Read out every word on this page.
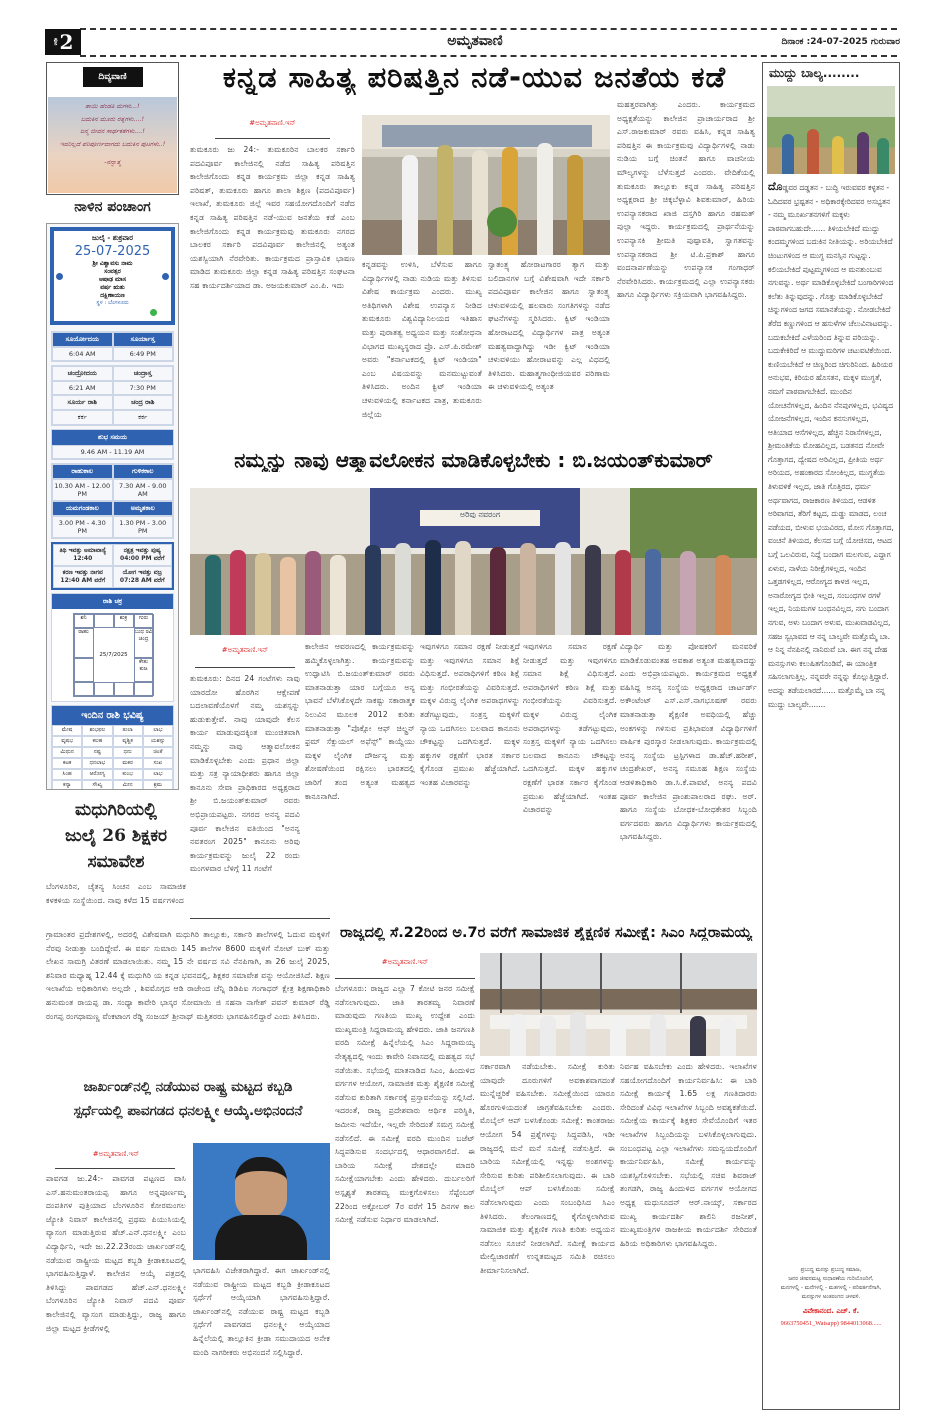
ಪುಟ 2	ಅಮೃತವಾಣಿ	ದಿನಾಂಕ :24-07-2025 ಗುರುವಾರ
ದಿವ್ಯವಾಣಿ
ತಾಯಿ ಹೆಂಡತಿ ಮಗಳು...!
ಬದುಕಿನ ಮೂರು ರತ್ನಗಳು....!
ಜನ್ಮ ಜೀವನ ಸಾರ್ಥಕತೆಗಳು....!
ಇವರಿಲ್ಲದೆ ಪರಿಪೂರ್ಣವಾಗದು ಬದುಕಿನ ಪುಟಗಳು..!
-ನನ್ನಾತ್ಮ
ನಾಳಿನ ಪಂಚಾಂಗ
ಜುಲೈ - ಶುಕ್ರವಾರ
25-07-2025
ಶ್ರೀ ವಿಶ್ವಾವಸು ನಾಮ
ಸಂವತ್ಸರ
ಆಷಾಢ ಮಾಸ
ವರ್ಷ ಋತು
ದಕ್ಷಿಣಾಯಣ
ಸ್ಥಳ : ಬೆಂಗಳೂರು
ಸೂರ್ಯೋದಯ	ಸೂರ್ಯಾಸ್ತ
6:04 AM	6:49 PM
ಚಂದ್ರೋದಯ	ಚಂದ್ರಾಸ್ತ
6:21 AM	7:30 PM
ಸೂರ್ಯ ರಾಶಿ	ಚಂದ್ರ ರಾಶಿ
ಕರ್ಕ	ಕರ್ಕ
ಶುಭ ಸಮಯ
9.46 AM - 11.19 AM
ರಾಹುಕಾಲ	ಗುಳಿಕಕಾಲ
10.30 AM - 12.00 PM
7.30 AM - 9.00 AM
ಯಮಗಂಡಕಾಲ	ಅಮೃತಕಾಲ
3.00 PM - 4.30 PM
1.30 PM - 3.00 PM
ತಿಥಿ ಇವತ್ತು ಅಮಾವಾಸ್ಯೆ 12:40
ನಕ್ಷತ್ರ ಇವತ್ತು ಪುಷ್ಯ 04:00 PM ವರೆಗೆ
ಕರಣ ಇವತ್ತು ನಾಗವ 12:40 AM ವರೆಗೆ
ಯೋಗ ಇವತ್ತು ವಜ್ರ 07:28 AM ವರೆಗೆ
ರಾಶಿ ಚಕ್ರ
ಶನಿ	ಶುಕ್ರ	ಗುರು
ರಾಹು
25/7/2025
ಬುಧ ರವಿ ಚಂದ್ರ
ಕೇತು ಕುಜ
ಇಂದಿನ ರಾಶಿ ಭವಿಷ್ಯ
ಮೇಷ	ಶುಭಫಲ	ತುಲಾ	ಲಾಭ
ವೃಷಭ	ಕಲಹ	ವೃಶ್ಚಿಕ	ಯಶಸ್ಸು
ಮಿಥುನ	ನಷ್ಟ	ಧನು	ಚಿಂತೆ
ಕಟಕ	ಧನಲಾಭ	ಮಕರ	ಸುಖ
ಸಿಂಹ	ಆರೋಗ್ಯ	ಕುಂಭ	ಲಾಭ
ಕನ್ಯಾ	ಸೌಖ್ಯ	ಮೀನ	ಶ್ರಮ
ಕನ್ನಡ ಸಾಹಿತ್ಯ ಪರಿಷತ್ತಿನ ನಡೆ-ಯುವ ಜನತೆಯ ಕಡೆ
#ಅಮೃತವಾಣಿ.ಇನ್
ತುಮಕೂರು ಜು 24:- ತುಮಕೂರಿನ ಬಾಲಕರ ಸರ್ಕಾರಿ ಪದವಿಪೂರ್ವ ಕಾಲೇಜಿನಲ್ಲಿ ನಡೆದ ಸಾಹಿತ್ಯ ಪರಿಷತ್ತಿನ ಕಾಲೇಜಿಗೊಂದು ಕನ್ನಡ ಕಾರ್ಯಕ್ರಮ ಜಿಲ್ಲಾ ಕನ್ನಡ ಸಾಹಿತ್ಯ ಪರಿಷತ್, ತುಮಕೂರು ಹಾಗೂ ಶಾಲಾ ಶಿಕ್ಷಣ (ಪದವಿಪೂರ್ವ) ಇಲಾಖೆ, ತುಮಕೂರು ಜಿಲ್ಲೆ ಇವರ ಸಹಯೋಗದೊಂದಿಗೆ ನಡೆದ ಕನ್ನಡ ಸಾಹಿತ್ಯ ಪರಿಷತ್ತಿನ ನಡೆ-ಯುವ ಜನತೆಯ ಕಡೆ ಎಂಬ ಕಾಲೇಜಿಗೊಂದು ಕನ್ನಡ ಕಾರ್ಯಕ್ರಮವು ತುಮಕೂರು ನಗರದ ಬಾಲಕರ ಸರ್ಕಾರಿ ಪದವಿಪೂರ್ವ ಕಾಲೇಜಿನಲ್ಲಿ ಅತ್ಯಂತ ಯಶಸ್ವಿಯಾಗಿ ನೆರವೇರಿತು. ಕಾರ್ಯಕ್ರಮದ ಪ್ರಾಸ್ತಾವಿಕ ಭಾಷಣ ಮಾಡಿದ ತುಮಕೂರು ಜಿಲ್ಲಾ ಕನ್ನಡ ಸಾಹಿತ್ಯ ಪರಿಷತ್ತಿನ ಸಂಘಟನಾ ಸಹ ಕಾರ್ಯದರ್ಶಿಯಾದ ಡಾ. ಅಜಯಕುಮಾರ್ ಎಂ.ಪಿ. ಇದು
ಕನ್ನಡವನ್ನು ಉಳಿಸಿ, ಬೆಳೆಸುವ ಹಾಗೂ ವಿದ್ಯಾರ್ಥಿಗಳಲ್ಲಿ ನಾಡು ನುಡಿಯ ಮತ್ತು ತಿಳಿಸುವ ವಿಶೇಷ ಕಾರ್ಯಕ್ರಮ ಎಂದರು. ಮುಖ್ಯ ಅತಿಥಿಗಳಾಗಿ ವಿಶೇಷ ಉಪನ್ಯಾಸ ನೀಡಿದ ತುಮಕೂರು ವಿಶ್ವವಿದ್ಯಾನಿಲಯದ ಇತಿಹಾಸ ಮತ್ತು ಪುರಾತತ್ವ ಅಧ್ಯಯನ ಮತ್ತು ಸಂಶೋಧನಾ ವಿಭಾಗದ ಮುಖ್ಯಸ್ಥರಾದ ಪ್ರೊ. ಎಸ್.ಪಿ.ರಮೇಶ್ ಅವರು "ಕರ್ನಾಟಕದಲ್ಲಿ ಕ್ವಿಟ್ ಇಂಡಿಯಾ" ಎಂಬ ವಿಷಯವನ್ನು ಮನಮುಟ್ಟುವಂತೆ ತಿಳಿಸಿದರು. ಅಂದಿನ ಕ್ವಿಟ್ ಇಂಡಿಯಾ ಚಳುವಳಿಯಲ್ಲಿ ಕರ್ನಾಟಕದ ಪಾತ್ರ, ತುಮಕೂರು ಜಿಲ್ಲೆಯ
ಸ್ವಾತಂತ್ರ್ಯ ಹೋರಾಟಗಾರರ ತ್ಯಾಗ ಮತ್ತು ಬಲಿದಾನಗಳ ಬಗ್ಗೆ ವಿಶೇಷವಾಗಿ ಇದೇ ಸರ್ಕಾರಿ ಪದವಿಪೂರ್ವ ಕಾಲೇಜಿನ ಹಾಗೂ ಸ್ವಾತಂತ್ರ್ಯ ಚಳುವಳಿಯಲ್ಲಿ ಹಲವಾರು ಸಂಗತಿಗಳನ್ನು ನಡೆದ ಘಟನೆಗಳನ್ನು ಸ್ಮರಿಸಿದರು. ಕ್ವಿಟ್ ಇಂಡಿಯಾ ಹೋರಾಟದಲ್ಲಿ ವಿದ್ಯಾರ್ಥಿಗಳ ಪಾತ್ರ ಅತ್ಯಂತ ಮಹತ್ವವಾದ್ದಾಗಿದ್ದು ಇಡೀ ಕ್ವಿಟ್ ಇಂಡಿಯಾ ಚಳುವಳಿಯು ಹೋರಾಟವನ್ನು ಎಲ್ಲ ವಿಧದಲ್ಲಿ ತಿಳಿಸಿದರು. ಮಹಾತ್ಮಗಾಂಧೀಜಿಯವರ ಪರಿಣಾಮ ಈ ಚಳುವಳಿಯಲ್ಲಿ ಅತ್ಯಂತ
ಮಹತ್ತರವಾಗಿತ್ತು ಎಂದರು. ಕಾರ್ಯಕ್ರಮದ ಅಧ್ಯಕ್ಷತೆಯನ್ನು ಕಾಲೇಜಿನ ಪ್ರಾಚಾರ್ಯರಾದ ಶ್ರೀ ಎಸ್.ರಾಜಕುಮಾರ್ ರವರು ವಹಿಸಿ, ಕನ್ನಡ ಸಾಹಿತ್ಯ ಪರಿಷತ್ತಿನ ಈ ಕಾರ್ಯಕ್ರಮವು ವಿದ್ಯಾರ್ಥಿಗಳಲ್ಲಿ ನಾಡು ನುಡಿಯ ಬಗ್ಗೆ ಚಿಂತನೆ ಹಾಗೂ ವಾಚನೀಯ ಮೌಲ್ಯಗಳನ್ನು ಬೆಳೆಸುತ್ತದೆ ಎಂದರು. ವೇದಿಕೆಯಲ್ಲಿ ತುಮಕೂರು ತಾಲ್ಲೂಕು ಕನ್ನಡ ಸಾಹಿತ್ಯ ಪರಿಷತ್ತಿನ ಅಧ್ಯಕ್ಷರಾದ ಶ್ರೀ ಚಿಕ್ಕಬೆಳ್ಳಾವಿ ಶಿವಕುಮಾರ್, ಹಿರಿಯ ಉಪನ್ಯಾಸಕರಾದ ಖಾಜಿ ದಸ್ತಗಿರಿ ಹಾಗೂ ರಹಮತ್ ಪುಲ್ಲಾ ಇದ್ದರು. ಕಾರ್ಯಕ್ರಮದಲ್ಲಿ ಪ್ರಾರ್ಥನೆಯನ್ನು ಉಪನ್ಯಾಸಕಿ ಶ್ರೀಮತಿ ಪುಷ್ಪಾವತಿ, ಸ್ವಾಗತವನ್ನು ಉಪನ್ಯಾಸಕರಾದ ಶ್ರೀ ಟಿ.ಪಿ.ಪ್ರಕಾಶ್ ಹಾಗೂ ವಂದನಾರ್ಪಣೆಯನ್ನು ಉಪನ್ಯಾಸಕ ಗಂಗಾಧರ್ ನೆರವೇರಿಸಿದರು. ಕಾರ್ಯಕ್ರಮದಲ್ಲಿ ಎಲ್ಲಾ ಉಪನ್ಯಾಸಕರು ಹಾಗೂ ವಿದ್ಯಾರ್ಥಿಗಳು ಸಕ್ರಿಯವಾಗಿ ಭಾಗವಹಿಸಿದ್ದರು.
ನಮ್ಮನ್ನು ನಾವು ಆತ್ಮಾವಲೋಕನ ಮಾಡಿಕೊಳ್ಳಬೇಕು : ಬಿ.ಜಯಂತ್‌ಕುಮಾರ್
ಅರಿವು ನವರಂಗ
#ಅಮೃತವಾಣಿ.ಇನ್
ತುಮಕೂರು: ದಿನದ 24 ಗಂಟೆಗಳು ನಾವು ಯಾರದೋ ಹೊರಗಿನ ಆಕ್ಷೇಪಣೆ ಬದಲಾವಣೆಯೊಳಗೆ ನಮ್ಮ ಯಶಸ್ಸನ್ನು ಹುಡುಕುತ್ತೇವೆ. ನಾವು ಯಾವುದೇ ಕೆಲಸ ಕಾರ್ಯ ಮಾಡುವುದಕ್ಕಿಂತ ಮುಂಚಿತವಾಗಿ ನಮ್ಮನ್ನು ನಾವು ಆತ್ಮಾವಲೋಕನ ಮಾಡಿಕೊಳ್ಳಬೇಕು ಎಂದು ಪ್ರಧಾನ ಜಿಲ್ಲಾ ಮತ್ತು ಸತ್ರ ನ್ಯಾಯಾಧೀಶರು ಹಾಗೂ ಜಿಲ್ಲಾ ಕಾನೂನು ಸೇವಾ ಪ್ರಾಧಿಕಾರದ ಅಧ್ಯಕ್ಷರಾದ ಶ್ರೀ ಬಿ.ಜಯಂತ್‌ಕುಮಾರ್ ರವರು ಅಭಿಪ್ರಾಯಪಟ್ಟರು. ನಗರದ ಅನನ್ಯ ಪದವಿ ಪೂರ್ವ ಕಾಲೇಜಿನ ವತಿಯಿಂದ "ಅನನ್ಯ ನವತರಂಗ 2025" ಕಾನೂನು ಅರಿವು ಕಾರ್ಯಕ್ರಮವನ್ನು ಜುಲೈ 22 ರಂದು ಮಂಗಳವಾರ ಬೆಳಿಗ್ಗೆ 11 ಗಂಟೆಗೆ
ಕಾಲೇಜಿನ ಆವರಣದಲ್ಲಿ ಕಾರ್ಯಕ್ರಮವನ್ನು ಹಮ್ಮಿಕೊಳ್ಳಲಾಗಿತ್ತು. ಕಾರ್ಯಕ್ರಮವನ್ನು ಉದ್ಘಾಟಿಸಿ ಬಿ.ಜಯಂತ್‌ಕುಮಾರ್ ರವರು ಮಾತನಾಡುತ್ತಾ ಯಾರ ಬಗ್ಗೆಯೂ ಅನ್ಯ ಭಾವನೆ ಬೆಳೆಸಿಕೊಳ್ಳದೇ ಸಾಕಷ್ಟು ಸಕಾರಾತ್ಮಕ ನಿಲುವಿನ ಮೂಲಕ 2012 ಕುರಿತು ಮಾತನಾಡುತ್ತಾ "ಪೊಕ್ಸೋ ಆಫ್ ಚಿಲ್ಡ್ರನ್ ಫ್ರಮ್ ಸೆಕ್ಸುಯಲ್ ಅಫೆನ್ಸ್" ಕಾಯ್ದೆಯು ಮಕ್ಕಳ ಲೈಂಗಿಕ ದೌರ್ಜನ್ಯ ಮತ್ತು ಶೋಷಣೆಯಿಂದ ರಕ್ಷಿಸಲು ಭಾರತದಲ್ಲಿ ಜಾರಿಗೆ ತಂದ ಅತ್ಯಂತ ಮಹತ್ವದ ಕಾನೂನಾಗಿದೆ.
ಇವುಗಳಿಗೂ ಸಮಾನ ರಕ್ಷಣೆ ನೀಡುತ್ತದೆ ಮತ್ತು ಇವುಗಳಿಗೂ ಸಮಾನ ಶಿಕ್ಷೆ ವಿಧಿಸುತ್ತದೆ. ಅಪರಾಧಿಗಳಿಗೆ ಕಠಿಣ ಶಿಕ್ಷೆ ಮತ್ತು ಗಂಭೀರತೆಯನ್ನು ವಿವರಿಸುತ್ತದೆ. ಮಕ್ಕಳ ವಿರುದ್ಧ ಲೈಂಗಿಕ ಅಪರಾಧಗಳನ್ನು ತಡೆಗಟ್ಟುವುದು, ಸಂತ್ರಸ್ತ ಮಕ್ಕಳಿಗೆ ನ್ಯಾಯ ಒದಗಿಸಲು ಬಲವಾದ ಕಾನೂನು ಚೌಕಟ್ಟನ್ನು ಒದಗಿಸುತ್ತದೆ. ಮಕ್ಕಳ ಹಕ್ಕುಗಳ ರಕ್ಷಣೆಗೆ ಭಾರತ ಸರ್ಕಾರ ಕೈಗೊಂಡ ಪ್ರಮುಖ ಹೆಜ್ಜೆಯಾಗಿದೆ. ಇಂತಹ ವಿಚಾರವನ್ನು
ವಿದ್ಯಾರ್ಥಿ ಮತ್ತು ಪೋಷಕರಿಗೆ ಮನವರಿಕೆ ಮಾಡಿಕೊಡುವಂತಹ ಅವಕಾಶ ಅತ್ಯಂತ ಮಹತ್ವವಾದದ್ದು ಎಂದು ಅಭಿಪ್ರಾಯಪಟ್ಟರು. ಕಾರ್ಯಕ್ರಮದ ಅಧ್ಯಕ್ಷತೆ ವಹಿಸಿದ್ದ ಅನನ್ಯ ಸಂಸ್ಥೆಯ ಅಧ್ಯಕ್ಷರಾದ ಚಾರ್ಟರ್ಡ್ ಅಕೌಂಟೆಂಟ್ ಎಸ್.ಎಸ್.ನಾಗಭೂಷಣ್ ರವರು ಮಾತನಾಡುತ್ತಾ ಶೈಕ್ಷಣಿಕ ಅವಧಿಯಲ್ಲಿ ಹೆಚ್ಚು ಅಂಕಗಳನ್ನು ಗಳಿಸುವ ಪ್ರತಿಭಾವಂತ ವಿದ್ಯಾರ್ಥಿಗಳಿಗೆ ವಾರ್ಷಿಕ ಪುರಸ್ಕಾರ ನೀಡಲಾಗುವುದು. ಕಾರ್ಯಕ್ರಮದಲ್ಲಿ ಅನನ್ಯ ಸಂಸ್ಥೆಯ ಟ್ರಸ್ಟಿಗಳಾದ ಡಾ.ಹೆಚ್.ಹರೀಶ್, ಚಂದ್ರಶೇಖರ್, ಅನನ್ಯ ಸಮೂಹ ಶಿಕ್ಷಣ ಸಂಸ್ಥೆಯ ಆಡಳಿತಾಧಿಕಾರಿ ಡಾ.ಸಿ.ಕೆ.ಪಾವಟೆ, ಅನನ್ಯ ಪದವಿ ಪೂರ್ವ ಕಾಲೇಜಿನ ಪ್ರಾಂಶುಪಾಲರಾದ ರಘು. ಅರ್. ಹಾಗೂ ಸಂಸ್ಥೆಯ ಬೋಧಕ-ಬೋಧಕೇತರ ಸಿಬ್ಬಂದಿ ವರ್ಗದವರು ಹಾಗೂ ವಿದ್ಯಾರ್ಥಿಗಳು ಕಾರ್ಯಕ್ರಮದಲ್ಲಿ ಭಾಗವಹಿಸಿದ್ದರು.
ಇವುಗಳಿಗೂ ಸಮಾನ ರಕ್ಷಣೆ ನೀಡುತ್ತದೆ ಮತ್ತು ಇವುಗಳಿಗೂ ಸಮಾನ ಶಿಕ್ಷೆ ವಿಧಿಸುತ್ತದೆ. ಅಪರಾಧಿಗಳಿಗೆ ಕಠಿಣ ಶಿಕ್ಷೆ ಮತ್ತು ಗಂಭೀರತೆಯನ್ನು ವಿವರಿಸುತ್ತದೆ. ಮಕ್ಕಳ ವಿರುದ್ಧ ಲೈಂಗಿಕ ಅಪರಾಧಗಳನ್ನು ತಡೆಗಟ್ಟುವುದು, ಸಂತ್ರಸ್ತ ಮಕ್ಕಳಿಗೆ ನ್ಯಾಯ ಒದಗಿಸಲು ಬಲವಾದ ಕಾನೂನು ಚೌಕಟ್ಟನ್ನು ಒದಗಿಸುತ್ತದೆ. ಮಕ್ಕಳ ಹಕ್ಕುಗಳ ರಕ್ಷಣೆಗೆ ಭಾರತ ಸರ್ಕಾರ ಕೈಗೊಂಡ ಪ್ರಮುಖ ಹೆಜ್ಜೆಯಾಗಿದೆ. ಇಂತಹ ವಿಚಾರವನ್ನು
ಮಧುಗಿರಿಯಲ್ಲಿ
ಜುಲೈ 26 ಶಿಕ್ಷಕರ
ಸಮಾವೇಶ
ಬೆಂಗಳೂರಿನ, ಚೈತನ್ಯ ಸಿಂಚನ ಎಂಬ ಸಾಮಾಜಿಕ ಕಳಕಳಿಯ ಸಂಸ್ಥೆಯಿಂದ. ನಾವು ಕಳೆದ 15 ವರ್ಷಗಳಿಂದ
ಗ್ರಾಮಾಂತರ ಪ್ರದೇಶಗಳಲ್ಲಿ, ಅದರಲ್ಲಿ ವಿಶೇಷವಾಗಿ ಮಧುಗಿರಿ ತಾಲ್ಲೂಕು, ಸರ್ಕಾರಿ ಶಾಲೆಗಳಲ್ಲಿ ಓದುವ ಮಕ್ಕಳಿಗೆ ನೆರವು ನೀಡುತ್ತಾ ಬಂದಿದ್ದೇವೆ. ಈ ವರ್ಷ ಸುಮಾರು 145 ಶಾಲೆಗಳ 8600 ಮಕ್ಕಳಿಗೆ ನೋಟ್ ಬುಕ್ ಮತ್ತು ಲೇಖನ ಸಾಮಗ್ರಿ ವಿತರಣೆ ಮಾಡಲಾಯಿತು. ನಮ್ಮ 15 ನೇ ವರ್ಷದ ಸವಿ ನೆನಪಿಗಾಗಿ, ತಾ 26 ಜುಲೈ 2025, ಶನಿವಾರ ಮಧ್ಯಾಹ್ನ 12.44 ಕ್ಕೆ ಮಧುಗಿರಿ ಯ ಕನ್ನಡ ಭವನದಲ್ಲಿ, ಶಿಕ್ಷಕರ ಸಮಾವೇಶ ವನ್ನು ಆಯೋಜಿಸಿದೆ. ಶಿಕ್ಷಣ ಇಲಾಖೆಯ ಅಧಿಕಾರಿಗಳು ಅಲ್ಲದೇ , ಶಿವಮೊಗ್ಗದ ಆಡಿ ರಾಜೇಂದ ಚೆನ್ನಿ ಡಿಡಿಪಿಐ ಗಂಗಾಧರ್ ಕ್ಷೇತ್ರ ಶಿಕ್ಷಣಾಧಿಕಾರಿ ಹನುಮಂತ ರಾಯಪ್ಪ ಡಾ. ಸಂಧ್ಯಾ ಕಾವೇರಿ ಭಾಸ್ಕರ ಸೋಮಾಯಿ ಜಿ ಸಹನಾ ನಾಗೇಶ್ ಪವನ್ ಕುಮಾರ್ ರೆಡ್ಡಿ ರಂಗಪ್ಪ ರಂಗಧಾಮಣ್ಣ ವೆಂಕಟಾಂಗ ರೆಡ್ಡಿ ಸಂಜಯ್ ಶ್ರೀನಾಥ್ ಮತ್ತಿತರರು ಭಾಗವಹಿಸಲಿದ್ದಾರೆ ಎಂದು ತಿಳಿಸಿದರು.
ಜಾರ್ಖಂಡ್‌ನಲ್ಲಿ ನಡೆಯುವ ರಾಷ್ಟ್ರ ಮಟ್ಟದ ಕಬ್ಬಡಿ
ಸ್ಪರ್ಧೆಯಲ್ಲಿ ಪಾವಗಡದ ಧನಲಕ್ಷ್ಮೀ ಆಯ್ಕೆ.ಅಭಿನಂದನೆ
#ಅಮೃತವಾಣಿ.ಇನ್
ಪಾವಗಡ ಜು.24:- ಪಾವಗಡ ಪಟ್ಟಣದ ವಾಸಿ ಎಸ್.ಹನುಮಂತರಾಯಪ್ಪ ಹಾಗೂ ಅನ್ನಪೂರ್ಣಮ್ಮ ದಂಪತಿಗಳ ಪುತ್ರಿಯಾದ ಬೆಂಗಳೂರಿನ ಕೋರಮಂಗಲ ಜ್ಯೋತಿ ನಿವಾಸ್ ಕಾಲೇಜಿನಲ್ಲಿ ಪ್ರಥಮ ಪಿಯುಸಿಯಲ್ಲಿ ವ್ಯಾಸಂಗ ಮಾಡುತ್ತಿರುವ ಹೆಚ್.ಎನ್.ಧನಲಕ್ಷ್ಮೀ ಎಂಬ ವಿದ್ಯಾರ್ಥಿನಿ, ಇದೇ ಜು.22.23ರಂದು ಜಾರ್ಖಂಡ್‌ನಲ್ಲಿ ನಡೆಯುವ ರಾಷ್ಟ್ರೀಯ ಮಟ್ಟದ ಕಬ್ಬಡಿ ಕ್ರೀಡಾಕೂಟದಲ್ಲಿ ಭಾಗವಹಿಸುತ್ತಿದ್ದಾಳೆ. ಕಾಲೇಜಿನ ಆಯ್ಕೆ ಪತ್ರದಲ್ಲಿ ತಿಳಿಸಿದ್ದು ಪಾವಗಡದ ಹೆಚ್.ಎನ್.ಧನಲಕ್ಷ್ಮೀ ಬೆಂಗಳೂರಿನ ಜ್ಯೋತಿ ನಿವಾಸ್ ಪದವಿ ಪೂರ್ವ ಕಾಲೇಜಿನಲ್ಲಿ ವ್ಯಾಸಂಗ ಮಾಡುತ್ತಿದ್ದು, ರಾಜ್ಯ ಹಾಗೂ ಜಿಲ್ಲಾ ಮಟ್ಟದ ಕ್ರೀಡೆಗಳಲ್ಲಿ
ಭಾಗವಹಿಸಿ ವಿಜೇತರಾಗಿದ್ದಾರೆ. ಈಗ ಜಾರ್ಖಂಡ್‌ನಲ್ಲಿ ನಡೆಯುವ ರಾಷ್ಟ್ರೀಯ ಮಟ್ಟದ ಕಬ್ಬಡಿ ಕ್ರೀಡಾಕೂಟದ ಸ್ಪರ್ಧೆಗೆ ಆಯ್ಕೆಯಾಗಿ ಭಾಗವಹಿಸುತ್ತಿದ್ದಾರೆ. ಜಾರ್ಖಂಡ್‌ನಲ್ಲಿ ನಡೆಯುವ ರಾಷ್ಟ್ರ ಮಟ್ಟದ ಕಬ್ಬಡಿ ಸ್ಪರ್ಧೆಗೆ ಪಾವಗಡದ ಧನಲಕ್ಷ್ಮೀ ಆಯ್ಕೆಯಾದ ಹಿನ್ನೆಲೆಯಲ್ಲಿ ತಾಲ್ಲೂಕಿನ ಕ್ರೀಡಾ ಸಮುದಾಯದ ಅನೇಕ ಮಂದಿ ನಾಗರೀಕರು ಅಭಿನಂದನೆ ಸಲ್ಲಿಸಿದ್ದಾರೆ.
ರಾಜ್ಯದಲ್ಲಿ ಸೆ.22ರಿಂದ ಅ.7ರ ವರೆಗೆ ಸಾಮಾಜಿಕ ಶೈಕ್ಷಣಿಕ ಸಮೀಕ್ಷೆ: ಸಿಎಂ ಸಿದ್ದರಾಮಯ್ಯ
#ಅಮೃತವಾಣಿ.ಇನ್
ಬೆಂಗಳೂರು: ರಾಜ್ಯದ ಎಲ್ಲಾ 7 ಕೋಟಿ ಜನರ ಸಮೀಕ್ಷೆ ನಡೆಸಲಾಗುವುದು. ಜಾತಿ ತಾರತಮ್ಯ ನಿವಾರಣೆ ಮಾಡುವುದು ಗಣತಿಯ ಮುಖ್ಯ ಉದ್ದೇಶ ಎಂದು ಮುಖ್ಯಮಂತ್ರಿ ಸಿದ್ದರಾಮಯ್ಯ ಹೇಳಿದರು. ಜಾತಿ ಜನಗಣತಿ ವರದಿ ಸಮೀಕ್ಷೆ ಹಿನ್ನೆಲೆಯಲ್ಲಿ ಸಿಎಂ ಸಿದ್ದರಾಮಯ್ಯ ನೇತೃತ್ವದಲ್ಲಿ ಇಂದು ಕಾವೇರಿ ನಿವಾಸದಲ್ಲಿ ಮಹತ್ವದ ಸಭೆ ನಡೆಯಿತು. ಸಭೆಯಲ್ಲಿ ಮಾತನಾಡಿದ ಸಿಎಂ, ಹಿಂದುಳಿದ ವರ್ಗಗಳ ಆಯೋಗ, ಸಾಮಾಜಿಕ ಮತ್ತು ಶೈಕ್ಷಣಿಕ ಸಮೀಕ್ಷೆ ನಡೆಸುವ ಕುರಿತಾಗಿ ಸರ್ಕಾರಕ್ಕೆ ಪ್ರಸ್ತಾವನೆಯನ್ನು ಸಲ್ಲಿಸಿದೆ. ಇದರಂತೆ, ರಾಜ್ಯ ಪ್ರದೇಶವಾರು ಆರ್ಥಿಕ ಪರಿಸ್ಥಿತಿ, ಜಮೀನು ಇದೆಯೇ, ಇಲ್ಲವೇ ಸೇರಿದಂತೆ ಸಮಗ್ರ ಸಮೀಕ್ಷೆ ನಡೆಸಲಿದೆ. ಈ ಸಮೀಕ್ಷೆ ವರದಿ ಮುಂದಿನ ಬಜೆಟ್ ಸಿದ್ಧಪಡಿಸುವ ಸಂದರ್ಭದಲ್ಲಿ ಆಧಾರವಾಗಲಿದೆ. ಈ ಬಾರಿಯ ಸಮೀಕ್ಷೆ ದೇಶದಲ್ಲೇ ಮಾದರಿ ಸಮೀಕ್ಷೆಯಾಗಬೇಕು ಎಂದು ಹೇಳಿದರು. ದುರ್ಬಲರಿಗೆ ಅಸ್ಪೃಶ್ಯತೆ ತಾರತಮ್ಯ ಮುಕ್ತಗೊಳಿಸಲು ಸೆಪ್ಟೆಂಬರ್ 22ರಿಂದ ಅಕ್ಟೋಬರ್ 7ರ ವರೆಗೆ 15 ದಿನಗಳ ಕಾಲ ಸಮೀಕ್ಷೆ ನಡೆಸುವ ನಿರ್ಧಾರ ಮಾಡಲಾಗಿದೆ.
ಸರ್ಕಾರವಾಗಿ ನಡೆಯಬೇಕು. ಸಮೀಕ್ಷೆ ಕುರಿತು ಯಾವುದೇ ದೂರುಗಳಿಗೆ ಅವಕಾಶವಾಗದಂತೆ ಮುನ್ನೆಚ್ಚರಿಕೆ ವಹಿಸಬೇಕು. ಸಮೀಕ್ಷೆಯಿಂದ ಯಾರೂ ಹೊರಗುಳಿಯದಂತೆ ಜಾಗ್ರತೆವಹಿಸಬೇಕು ಎಂದರು. ಮೊಬೈಲ್ ಆಪ್ ಬಳಸಿಕೊಂಡು ಸಮೀಕ್ಷೆ: ಕಾಂತರಾಜು ಆಯೋಗ 54 ಪ್ರಶ್ನೆಗಳನ್ನು ಸಿದ್ಧಪಡಿಸಿ, ಇಡೀ ರಾಜ್ಯದಲ್ಲಿ ಮನೆ ಮನೆ ಸಮೀಕ್ಷೆ ನಡೆಸುತ್ತಿದೆ. ಈ ಬಾರಿಯ ಸಮೀಕ್ಷೆಯಲ್ಲಿ ಇನ್ನಷ್ಟು ಅಂಶಗಳನ್ನು ಸೇರಿಸುವ ಕುರಿತು ಪರಿಶೀಲಿಸಲಾಗುವುದು. ಈ ಬಾರಿ ಮೊಬೈಲ್ ಆಪ್ ಬಳಸಿಕೊಂಡು ಸಮೀಕ್ಷೆ ನಡೆಸಲಾಗುವುದು ಎಂದು ಸಂಬಂಧಿಸಿದ ಸಿಎಂ ತಿಳಿಸಿದರು. ತೆಲಂಗಾಣದಲ್ಲಿ ಕೈಗೊಳ್ಳಲಾಗಿರುವ ಸಾಮಾಜಿಕ ಮತ್ತು ಶೈಕ್ಷಣಿಕ ಗಣತಿ ಕುರಿತು ಅಧ್ಯಯನ ನಡೆಸಲು ಸೂಚನೆ ನೀಡಲಾಗಿದೆ. ಸಮೀಕ್ಷೆ ಕಾರ್ಯದ ಮೇಲ್ವಿಚಾರಣೆಗೆ ಉನ್ನತಮಟ್ಟದ ಸಮಿತಿ ರಚಿಸಲು ತೀರ್ಮಾನಿಸಲಾಗಿದೆ.
ನಿರ್ವಹ ವಹಿಸಬೇಕು ಎಂದು ಹೇಳಿದರು. ಇಲಾಖೆಗಳ ಸಹಯೋಗದೊಂದಿಗೆ ಕಾರ್ಯನಿರ್ವಹಿಸಿ: ಈ ಬಾರಿ ಸಮೀಕ್ಷೆ ಕಾರ್ಯಕ್ಕೆ 1.65 ಲಕ್ಷ ಗಣತಿದಾರರು ಸೇರಿದಂತೆ ವಿವಿಧ ಇಲಾಖೆಗಳ ಸಿಬ್ಬಂದಿ ಅವಶ್ಯಕತೆಯಿದೆ. ಸಮೀಕ್ಷೆಯ ಕಾರ್ಯಕ್ಕೆ ಶಿಕ್ಷಕರ ಸೇವೆಯೊಂದಿಗೆ ಇತರ ಇಲಾಖೆಗಳ ಸಿಬ್ಬಂದಿಯನ್ನು ಬಳಸಿಕೊಳ್ಳಲಾಗುವುದು. ಸಂಬಂಧಪಟ್ಟ ಎಲ್ಲಾ ಇಲಾಖೆಗಳು ಸಮನ್ವಯದೊಂದಿಗೆ ಕಾರ್ಯನಿರ್ವಹಿಸಿ, ಸಮೀಕ್ಷೆ ಕಾರ್ಯವನ್ನು ಯಶಸ್ವಿಗೊಳಿಸಬೇಕು. ಸಭೆಯಲ್ಲಿ ಸಚಿವ ಶಿವರಾಜ್ ತಂಗಡಗಿ, ರಾಜ್ಯ ಹಿಂದುಳಿದ ವರ್ಗಗಳ ಆಯೋಗದ ಅಧ್ಯಕ್ಷ ಮಧುಸೂದನ್ ಆರ್.ನಾಯ್ಕ್, ಸರ್ಕಾರದ ಮುಖ್ಯ ಕಾರ್ಯದರ್ಶಿ ಶಾಲಿನಿ ರಜನೀಶ್, ಮುಖ್ಯಮಂತ್ರಿಗಳ ರಾಜಕೀಯ ಕಾರ್ಯದರ್ಶಿ ಸೇರಿದಂತೆ ಹಿರಿಯ ಅಧಿಕಾರಿಗಳು ಭಾಗವಹಿಸಿದ್ದರು.
ಮುದ್ದು ಬಾಲ್ಯ........
ದೊಡ್ಡವರ ದಡ್ಡತನ - ಬುದ್ಧಿ ಇರುವವರ ಕಳ್ಳತನ - ಓದಿದವರ ಭ್ರಷ್ಟತನ - ಅಧಿಕಾರಕ್ಕೇರಿದವರ ಅಸಭ್ಯತನ - ನಮ್ಮ ಮೂರ್ಖತನಗಳಿಗೆ ಮಕ್ಕಳು ಪಾಠವಾಗಬಹುದೇ...... ತಿಳಿಯಬೇಕಿದೆ ಮುದ್ದು ಕಂದಮ್ಮಗಳಿಂದ ಬದುಕಿನ ನೀತಿಯನ್ನು. ಅರಿಯಬೇಕಿದೆ ಚಿಂಟುಗಳಿಂದ ಆ ಮುಗ್ಧ ಮನಸ್ಸಿನ ಗುಟ್ಟನ್ನು. ಕಲಿಯಬೇಕಿದೆ ಪುಟ್ಟಮ್ಮಗಳಿಂದ ಆ ಮನತುಂಬುವ ನಗುವನ್ನು. ಅರ್ಥ ಮಾಡಿಕೊಳ್ಳಬೇಕಿದೆ ಬಂಗಾರಿಗಳಿಂದ ಕಲೆತು ತಿನ್ನುವುದನ್ನು. ಗೊತ್ತು ಮಾಡಿಕೊಳ್ಳಬೇಕಿದೆ ಚಿನ್ನುಗಳಿಂದ ಜಗದ ಸಮಾನತೆಯನ್ನು. ನೋಡಬೇಕಿದೆ ತೆರೆದ ಕಣ್ಣುಗಳಿಂದ ಆ ಹಸುಳೆಗಳ ಚೆಲುವಿನಾಟವನ್ನು. ಬದುಕಬೇಕಿದೆ ಎಳೆಯರಿಂದ ತಿನ್ನುವ ಪರಿಯನ್ನು. ಬದುಕೇಕಿರಿದೆ ಆ ಮುದ್ದುಮರಿಗಳ ಚಟುವಟಿಕೆಯಿಂದ. ಕುಣಿಯಬೇಕಿದೆ ಆ ಚಿಣ್ಣರಿಂದ ಚಿಗುರಿನಿಂದ. ಹಿರಿಯರ ಅನುಭವ, ಕಿರಿಯರ ಹೊಸತನ, ಮಕ್ಕಳ ಮುಗ್ಧತೆ, ನಮಗೆ ಪಾಠವಾಗಬೇಕಿದೆ. ಮುಂದಿನ ಯೋಚನೆಗಳಿಲ್ಲದ, ಹಿಂದಿನ ನೆನಪುಗಳಿಲ್ಲದ, ಭವಿಷ್ಯದ ಯೋಜನೆಗಳಿಲ್ಲದ, ಇಂದಿನ ಕನಸುಗಳಿಲ್ಲದ, ಆತಿಯಾದ ಆಸೆಗಳಿಲ್ಲದ, ಹೆಚ್ಚಿನ ನಿರಾಸೆಗಳಿಲ್ಲದ, ಶ್ರೀಮಂತಿಕೆಯ ಮೋಹವಿಲ್ಲದ, ಬಡತನದ ನೋವೇ ಗೊತ್ತಾಗದ, ದ್ವೇಷದ ಅರಿವಿಲ್ಲದ, ಪ್ರೀತಿಯ ಅರ್ಥ ಅರಿಯದ, ಅಹಂಕಾರದ ಸೋಂಕಿಲ್ಲದ, ಮುಗ್ಧತೆಯ ತಿಳುವಳಿಕೆ ಇಲ್ಲದ, ಜಾತಿ ಗೊತ್ತಿರದ, ಧರ್ಮ ಅರ್ಥವಾಗದ, ರಾಜಕಾರಣ ತಿಳಿಯದ, ಆಡಳಿತ ಅರಿವಾಗದ, ತೆರಿಗೆ ಕಟ್ಟದ, ದುಡ್ಡು ಮಾಡದ, ಲಂಚ ಪಡೆಯದ, ಬೀಳುವ ಭಯವಿರದ, ಮೋಸ ಗೊತ್ತಾಗದ, ವಂಚನೆ ತಿಳಿಯದ, ಕೆಲಸದ ಬಗ್ಗೆ ಯೋಚಿಸದ, ಆಟದ ಬಗ್ಗೆ ಒಲವಿರುವ, ನಿದ್ದೆ ಬಂದಾಗ ಮಲಗುವ, ಎದ್ದಾಗ ಏಳುವ, ನಾಳೆಯ ನಿರೀಕ್ಷೆಗಳಿಲ್ಲದ, ಇಂದಿನ ಒತ್ತಡಗಳಿಲ್ಲದ, ಆರೋಗ್ಯದ ಕಾಳಜಿ ಇಲ್ಲದ, ಅನಾರೋಗ್ಯದ ಭೀತಿ ಇಲ್ಲದ, ಸಂಬಂಧಗಳ ರಗಳೆ ಇಲ್ಲದ, ನಿಯಮಗಳ ಬಂಧನವಿಲ್ಲದ, ನಗು ಬಂದಾಗ ನಗುವ, ಅಳು ಬಂದಾಗ ಅಳುವ, ಮುಖವಾಡವಿಲ್ಲದ, ಸಹಜ ಸ್ವಭಾವದ ಆ ನನ್ನ ಬಾಲ್ಯವೇ ಮತ್ತೊಮ್ಮೆ ಬಾ. ಆ ನಿನ್ನ ನೆನಪಿನಲ್ಲಿ ನಾನಿರುವೆ ಬಾ. ಈಗ ನನ್ನ ದೇಹ ಮನಸ್ಸುಗಳು ಕಲುಷಿತಗೊಂಡಿವೆ, ಈ ಯಾಂತ್ರಿಕ ಸಹಿಸಲಾಗುತ್ತಿಲ್ಲ. ನನ್ನವರೇ ನನ್ನನ್ನು ಕೊಲ್ಲುತ್ತಿದ್ದಾರೆ. ಅದನ್ನು ತಡೆಯಲಾರದೆ...... ಮತ್ತೊಮ್ಮೆ ಬಾ ನನ್ನ ಮುದ್ದು ಬಾಲ್ಯವೇ.......
ಪ್ರಬುದ್ಧ ಮನಸ್ಸು ಪ್ರಬುದ್ಧ ಸಮಾಜ,
ಜನರ ಜೀವನಮಟ್ಟ ಸುಧಾರಣೆಯ ಗುರಿಯೊಂದಿಗೆ,
ಮನಗಳಲ್ಲಿ - ಮನೆಗಳಲ್ಲಿ - ಮತಗಳಲ್ಲಿ - ಪರಿವರ್ತನೆಗಾಗಿ,
ಮನಸ್ಸುಗಳ ಅಂತರಂಗದ ಚಳವಳಿ.
ವಿವೇಕಾನಂದ. ಎಚ್. ಕೆ.
9663750451_Watsapp) 9844013068......
